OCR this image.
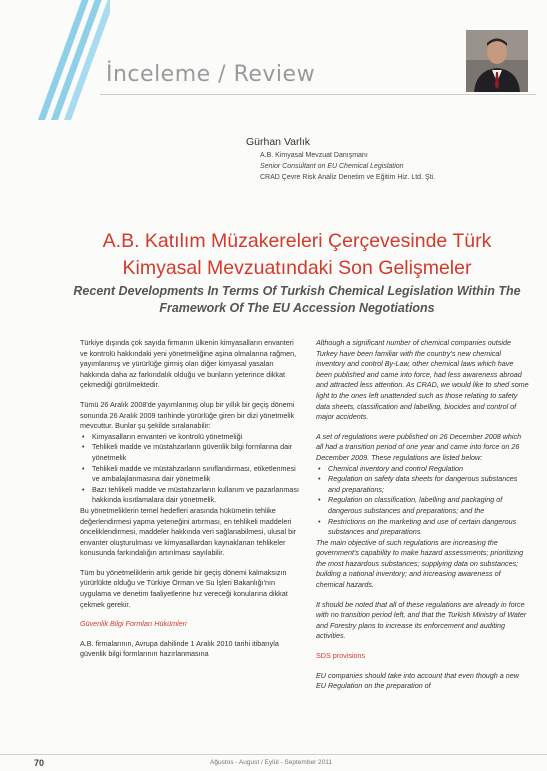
İnceleme / Review
Gürhan Varlık
A.B. Kimyasal Mevzuat Danışmanı
Senior Consultant on EU Chemical Legislation
CRAD Çevre Risk Analiz Denetim ve Eğitim Hiz. Ltd. Şti.
A.B. Katılım Müzakereleri Çerçevesinde Türk Kimyasal Mevzuatındaki Son Gelişmeler
Recent Developments In Terms Of Turkish Chemical Legislation Within The Framework Of The EU Accession Negotiations

Türkiye dışında çok sayıda firmanın ülkenin kimyasalların envanteri ve kontrolü hakkındaki yeni yönetmeliğine aşina olmalarına rağmen, yayımlanmış ve yürürlüğe girmiş olan diğer kimyasal yasaları hakkında daha az farkındalık olduğu ve bunların yeterince dikkat çekmediği görülmektedir.

Tümü 26 Aralık 2008'de yayımlanmış olup bir yıllık bir geçiş dönemi sonunda 26 Aralık 2009 tarihinde yürürlüğe giren bir dizi yönetmelik mevcuttur. Bunlar şu şekilde sıralanabilir:

• Kimyasalların envanteri ve kontrolü yönetmeliği
• Tehlikeli madde ve müstahzarların güvenlik bilgi formlarına dair yönetmelik
• Tehlikeli madde ve müstahzarların sınıflandırması, etiketlenmesi ve ambalajlanmasına dair yönetmelik
• Bazı tehlikeli madde ve müstahzarların kullanım ve pazarlanması hakkında kısıtlamalara dair yönetmelik.

Bu yönetmeliklerin temel hedefleri arasında hükümetin tehlike değerlendirmesi yapma yeteneğini artırması, en tehlikeli maddeleri önceliklendirmesi, maddeler hakkında veri sağlanabilmesi, ulusal bir envanter oluşturulması ve kimyasallardan kaynaklanan tehlikeler konusunda farkındalığın artırılması sayılabilir.

Tüm bu yönetmeliklerin artık geride bir geçiş dönemi kalmaksızın yürürlükte olduğu ve Türkiye Orman ve Su İşleri Bakanlığı'nın uygulama ve denetim faaliyetlerine hız vereceği konularına dikkat çekmek gerekir.

Güvenlik Bilgi Formları Hükümleri

A.B. firmalarının, Avrupa dahilinde 1 Aralık 2010 tarihi itibarıyla güvenlik bilgi formlarının hazırlanmasına

Although a significant number of chemical companies outside Turkey have been familiar with the country's new chemical inventory and control By-Law, other chemical laws which have been published and came into force, had less awareness abroad and attracted less attention. As CRAD, we would like to shed some light to the ones left unattended such as those relating to safety data sheets, classification and labelling, biocides and control of major accidents.

A set of regulations were published on 26 December 2008 which all had a transition period of one year and came into force on 26 December 2009. These regulations are listed below:

• Chemical inventory and control Regulation
• Regulation on safety data sheets for dangerous substances and preparations;
• Regulation on classification, labelling and packaging of dangerous substances and preparations; and the
• Restrictions on the marketing and use of certain dangerous substances and preparations.

The main objective of such regulations are increasing the government's capability to make hazard assessments; prioritizing the most hazardous substances; supplying data on substances; building a national inventory; and increasing awareness of chemical hazards.

It should be noted that all of these regulations are already in force with no transition period left, and that the Turkish Ministry of Water and Forestry plans to increase its enforcement and auditing activities.

SDS provisions

EU companies should take into account that even though a new EU Regulation on the preparation of

70	Ağustos - August / Eylül - September 2011
